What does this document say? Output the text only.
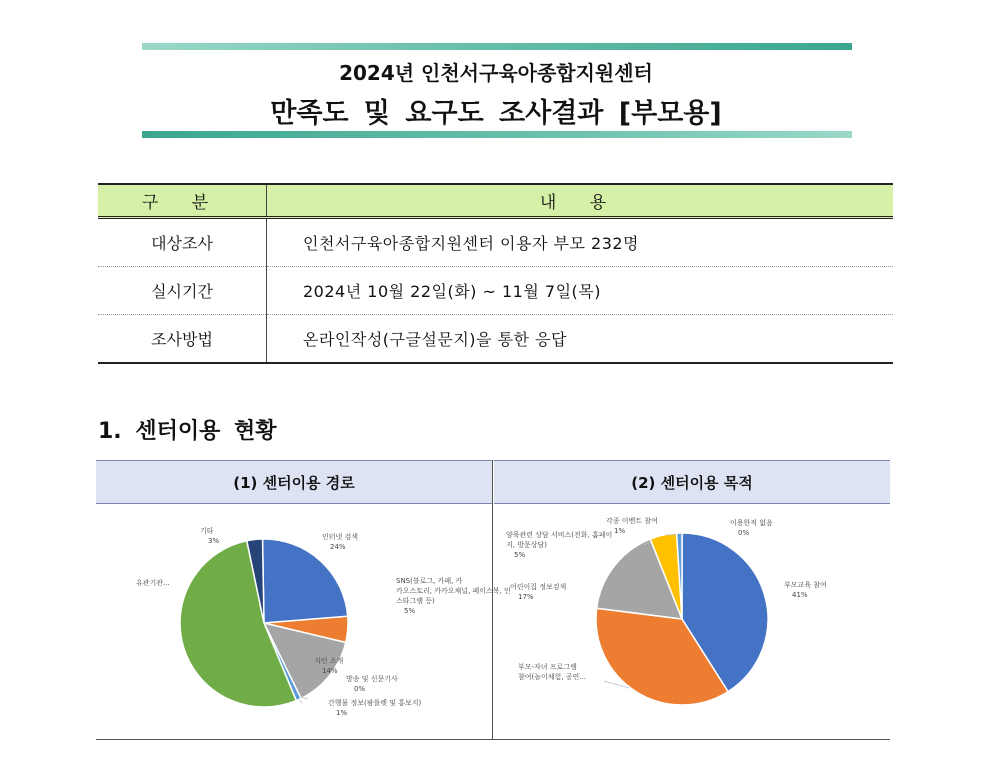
2024년 인천서구육아종합지원센터
만족도 및 요구도 조사결과 [부모용]
구 분	내 용
대상조사	인천서구육아종합지원센터 이용자 부모 232명
실시기간	2024년 10월 22일(화) ~ 11월 7일(목)
조사방법	온라인작성(구글설문지)을 통한 응답
1. 센터이용 현황
(1) 센터이용 경로	(2) 센터이용 목적
인터넷 검색
24%
SNS(블로그, 카페, 카
카오스토리, 카카오채널, 페이스북, 인
스타그램 등)
5%
지인 소개
14%
방송 및 신문기사
0%
간행물 정보(팜플렛 및 홍보지)
1%
유관기관...
기타
3%
부모교육 참여
41%
부모-자녀 프로그램
참여(놀이체험, 공연...
어린이집 정보검색
17%
양육관련 상담 서비스(전화, 홈페이
지, 방문상담)
5%
각종 이벤트 참여
1%
이용한적 없음
0%
